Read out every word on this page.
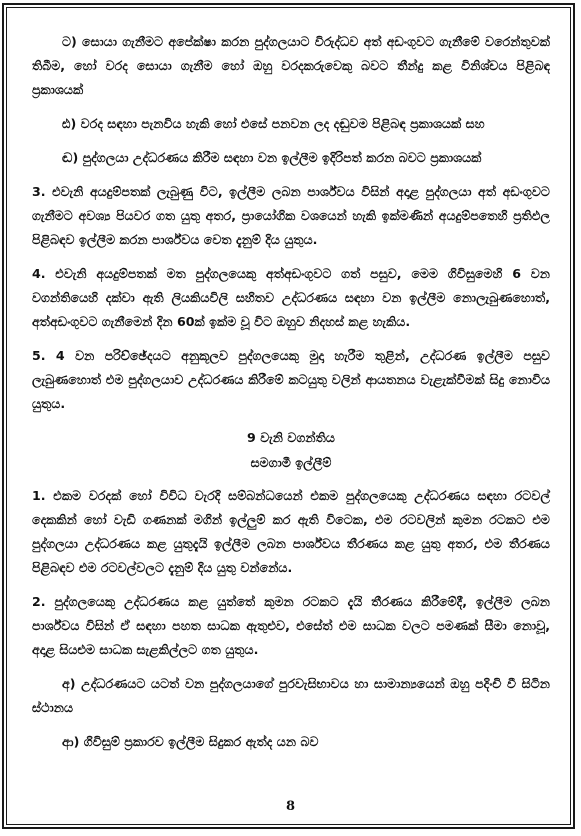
ට) සොයා ගැනීමට අපේක්ෂා කරන පුද්ගලයාට විරුද්ධව අත් අඩංගුවට ගැනීමේ වරෙන්තුවක් තිබීම, හෝ වරද සොයා ගැනීම හෝ ඔහු වරදකරුවෙකු බවට තීන්දු කළ විනිශ්චය පිළිබඳ ප්‍රකාශයක්

ඪ) වරද සඳහා පැනවිය හැකි හෝ එසේ පනවන ලද දඬුවම පිළිබඳ ප්‍රකාශයක් සහ

ඬ) පුද්ගලයා උද්ධරණය කිරීම සඳහා වන ඉල්ලීම ඉදිරිපත් කරන බවට ප්‍රකාශයක්

3. එවැනි අයදුම්පතක් ලැබුණු විට, ඉල්ලීම ලබන පාර්ශ්වය විසින් අදාළ පුද්ගලයා අත් අඩංගුවට ගැනීමට අවශ්‍ය පියවර ගත යුතු අතර, ප්‍රායෝගික වශයෙන් හැකි ඉක්මණින් අයදුම්පතෙහි ප්‍රතිඵල පිළිබඳව ඉල්ලීම කරන පාර්ශ්වය වෙත දැනුම් දිය යුතුය.

4. එවැනි අයදුම්පතක් මත පුද්ගලයෙකු අත්අඩංගුවට ගත් පසුව, මෙම ගිවිසුමෙහි 6 වන වගන්තියෙහි දක්වා ඇති ලියකියවිලි සහිතව උද්ධරණය සඳහා වන ඉල්ලීම නොලැබුණහොත්, අත්අඩංගුවට ගැනීමෙන් දින 60ක් ඉක්ම වූ විට ඔහුව නිදහස් කළ හැකිය.

5. 4 වන පරිච්ඡේදයට අනුකූලව පුද්ගලයෙකු මුදා හැරීම තුළින්, උද්ධරණ ඉල්ලීම පසුව ලැබුණහොත් එම පුද්ගලයාව උද්ධරණය කිරීමේ කටයුතු වලින් ආයතනය වැළැක්වීමක් සිදු නොවිය යුතුය.

9 වැනි වගන්තිය

සමගාමී ඉල්ලීම්

1. එකම වරදක් හෝ විවිධ වැරදි සම්බන්ධයෙන් එකම පුද්ගලයෙකු උද්ධරණය සඳහා රටවල් දෙකකින් හෝ වැඩි ගණනක් මගින් ඉල්ලුම් කර ඇති විටෙක, එම රටවලින් කුමන රටකට එම පුද්ගලයා උද්ධරණය කළ යුතුදැයි ඉල්ලීම ලබන පාර්ශ්වය තීරණය කළ යුතු අතර, එම තීරණය පිළිබඳව එම රටවල්වලට දැනුම් දිය යුතු වන්නේය.

2. පුද්ගලයෙකු උද්ධරණය කළ යුත්තේ කුමන රටකට දැයි තීරණය කිරීමේදී, ඉල්ලීම ලබන පාර්ශ්වය විසින් ඒ සඳහා පහත සාධක ඇතුළුව, එසේත් එම සාධක වලට පමණක් සීමා නොවූ, අදාළ සියළුම සාධක සැළකිල්ලට ගත යුතුය.

අ) උද්ධරණයට යටත් වන පුද්ගලයාගේ පුරවැසිභාවය හා සාමාන්‍යයෙන් ඔහු පදිංචි වී සිටින ස්ථානය

ආ) ගිවිසුම් ප්‍රකාරව ඉල්ලීම සිදුකර ඇත්ද යන බව

8
